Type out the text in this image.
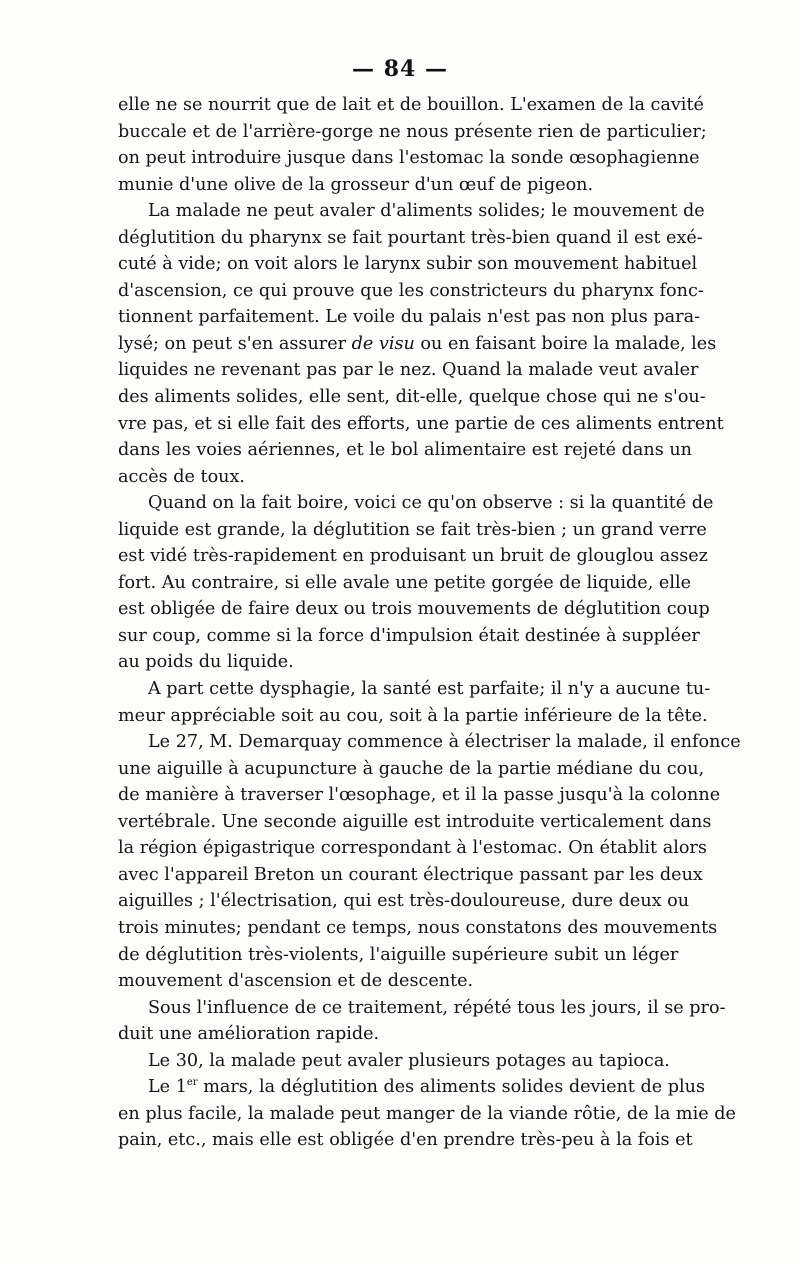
— 84 —
elle ne se nourrit que de lait et de bouillon. L'examen de la cavité
buccale et de l'arrière-gorge ne nous présente rien de particulier;
on peut introduire jusque dans l'estomac la sonde œsophagienne
munie d'une olive de la grosseur d'un œuf de pigeon.
La malade ne peut avaler d'aliments solides; le mouvement de
déglutition du pharynx se fait pourtant très-bien quand il est exé-
cuté à vide; on voit alors le larynx subir son mouvement habituel
d'ascension, ce qui prouve que les constricteurs du pharynx fonc-
tionnent parfaitement. Le voile du palais n'est pas non plus para-
lysé; on peut s'en assurer de visu ou en faisant boire la malade, les
liquides ne revenant pas par le nez. Quand la malade veut avaler
des aliments solides, elle sent, dit-elle, quelque chose qui ne s'ou-
vre pas, et si elle fait des efforts, une partie de ces aliments entrent
dans les voies aériennes, et le bol alimentaire est rejeté dans un
accès de toux.
Quand on la fait boire, voici ce qu'on observe : si la quantité de
liquide est grande, la déglutition se fait très-bien ; un grand verre
est vidé très-rapidement en produisant un bruit de glouglou assez
fort. Au contraire, si elle avale une petite gorgée de liquide, elle
est obligée de faire deux ou trois mouvements de déglutition coup
sur coup, comme si la force d'impulsion était destinée à suppléer
au poids du liquide.
A part cette dysphagie, la santé est parfaite; il n'y a aucune tu-
meur appréciable soit au cou, soit à la partie inférieure de la tête.
Le 27, M. Demarquay commence à électriser la malade, il enfonce
une aiguille à acupuncture à gauche de la partie médiane du cou,
de manière à traverser l'œsophage, et il la passe jusqu'à la colonne
vertébrale. Une seconde aiguille est introduite verticalement dans
la région épigastrique correspondant à l'estomac. On établit alors
avec l'appareil Breton un courant électrique passant par les deux
aiguilles ; l'électrisation, qui est très-douloureuse, dure deux ou
trois minutes; pendant ce temps, nous constatons des mouvements
de déglutition très-violents, l'aiguille supérieure subit un léger
mouvement d'ascension et de descente.
Sous l'influence de ce traitement, répété tous les jours, il se pro-
duit une amélioration rapide.
Le 30, la malade peut avaler plusieurs potages au tapioca.
Le 1er mars, la déglutition des aliments solides devient de plus
en plus facile, la malade peut manger de la viande rôtie, de la mie de
pain, etc., mais elle est obligée d'en prendre très-peu à la fois et
